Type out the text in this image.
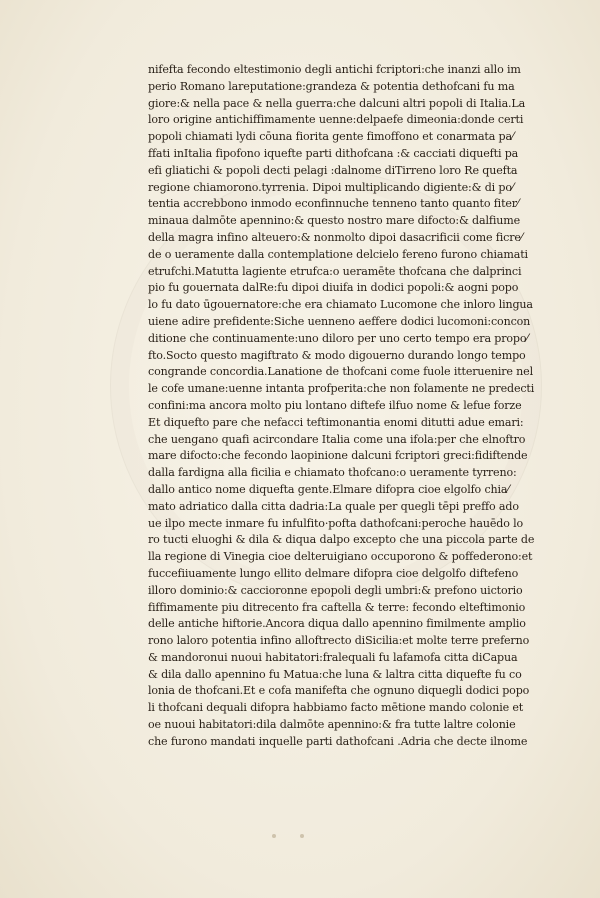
nifefta fecondo eltestimonio degli antichi fcriptori:che inanzi allo im
perio Romano lareputatione:grandeza & potentia dethofcani fu ma
giore:& nella pace & nella guerra:che dalcuni altri popoli di Italia.La
loro origine antichiffimamente uenne:delpaefe dimeonia:donde certi
popoli chiamati lydi cōuna fiorita gente fimoffono et conarmata pa⁄
ffati inItalia fipofono iquefte parti dithofcana :& cacciati diquefti pa
efi gliatichi & popoli decti pelagi :dalnome diTirreno loro Re quefta
regione chiamorono.tyrrenia. Dipoi multiplicando digiente:& di po⁄
tentia accrebbono inmodo econfinnuche tenneno tanto quanto fiter⁄
minaua dalmōte apennino:& questo nostro mare difocto:& dalfiume
della magra infino alteuero:& nonmolto dipoi dasacrificii come ficre⁄
de o ueramente dalla contemplatione delcielo fereno furono chiamati
etrufchi.Matutta lagiente etrufca:o ueramēte thofcana che dalprinci
pio fu gouernata dalRe:fu dipoi diuifa in dodici popoli:& aogni popo
lo fu dato ūgouernatore:che era chiamato Lucomone che inloro lingua
uiene adire prefidente:Siche uenneno aeffere dodici lucomoni:concon
ditione che continuamente:uno diloro per uno certo tempo era propo⁄
fto.Socto questo magiftrato & modo digouerno durando longo tempo
congrande concordia.Lanatione de thofcani come fuole itteruenire nel
le cofe umane:uenne intanta profperita:che non folamente ne predecti
confini:ma ancora molto piu lontano diftefe ilfuo nome & lefue forze
Et diquefto pare che nefacci teftimonantia enomi ditutti adue emari:
che uengano quafi acircondare Italia come una ifola:per che elnoftro
mare difocto:che fecondo laopinione dalcuni fcriptori greci:fidiftende
dalla fardigna alla ficilia e chiamato thofcano:o ueramente tyrreno:
dallo antico nome diquefta gente.Elmare difopra cioe elgolfo chia⁄
mato adriatico dalla citta dadria:La quale per quegli tēpi preffo ado
ue ilpo mecte inmare fu infulfito·pofta dathofcani:peroche hauēdo lo
ro tucti eluoghi & dila & diqua dalpo excepto che una piccola parte de
lla regione di Vinegia cioe delteruigiano occuporono & poffederono:et
fuccefiiuamente lungo ellito delmare difopra cioe delgolfo diftefeno
illoro dominio:& caccioronne epopoli degli umbri:& prefono uictorio
fiffimamente piu ditrecento fra caftella & terre: fecondo elteftimonio
delle antiche hiftorie.Ancora diqua dallo apennino fimilmente amplio
rono laloro potentia infino alloftrecto diSicilia:et molte terre preferno
& mandoronui nuoui habitatori:fralequali fu lafamofa citta diCapua
& dila dallo apennino fu Matua:che luna & laltra citta diquefte fu co
lonia de thofcani.Et e cofa manifefta che ognuno diquegli dodici popo
li thofcani dequali difopra habbiamo facto mētione mando colonie et
oe nuoui habitatori:dila dalmōte apennino:& fra tutte laltre colonie
che furono mandati inquelle parti dathofcani .Adria che decte ilnome
